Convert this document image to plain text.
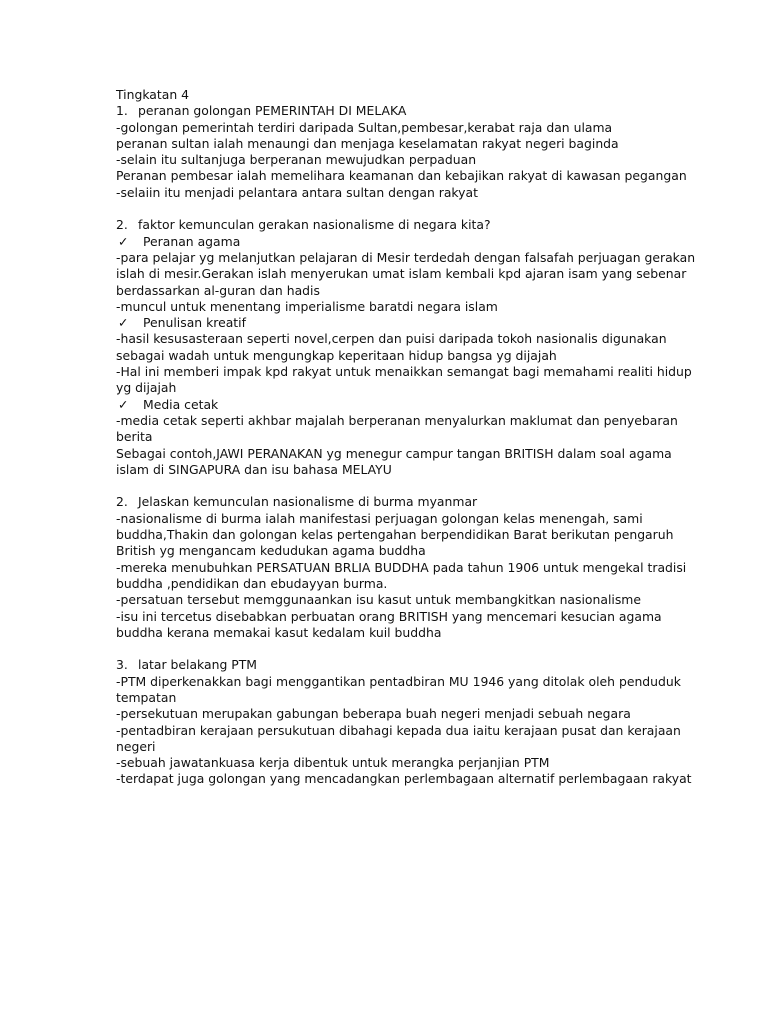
Tingkatan 4
1. peranan golongan PEMERINTAH DI MELAKA
-golongan pemerintah terdiri daripada Sultan,pembesar,kerabat raja dan ulama
peranan sultan ialah menaungi dan menjaga keselamatan rakyat negeri baginda
-selain itu sultanjuga berperanan mewujudkan perpaduan
Peranan pembesar ialah memelihara keamanan dan kebajikan rakyat di kawasan pegangan
-selaiin itu menjadi pelantara antara sultan dengan rakyat
2. faktor kemunculan gerakan nasionalisme di negara kita?
✓ Peranan agama
-para pelajar yg melanjutkan pelajaran di Mesir terdedah dengan falsafah perjuagan gerakan
islah di mesir.Gerakan islah menyerukan umat islam kembali kpd ajaran isam yang sebenar
berdassarkan al-guran dan hadis
-muncul untuk menentang imperialisme baratdi negara islam
✓ Penulisan kreatif
-hasil kesusasteraan seperti novel,cerpen dan puisi daripada tokoh nasionalis digunakan
sebagai wadah untuk mengungkap keperitaan hidup bangsa yg dijajah
-Hal ini memberi impak kpd rakyat untuk menaikkan semangat bagi memahami realiti hidup
yg dijajah
✓ Media cetak
-media cetak seperti akhbar majalah berperanan menyalurkan maklumat dan penyebaran
berita
Sebagai contoh,JAWI PERANAKAN yg menegur campur tangan BRITISH dalam soal agama
islam di SINGAPURA dan isu bahasa MELAYU
2. Jelaskan kemunculan nasionalisme di burma myanmar
-nasionalisme di burma ialah manifestasi perjuagan golongan kelas menengah, sami
buddha,Thakin dan golongan kelas pertengahan berpendidikan Barat berikutan pengaruh
British yg mengancam kedudukan agama buddha
-mereka menubuhkan PERSATUAN BRLIA BUDDHA pada tahun 1906 untuk mengekal tradisi
buddha ,pendidikan dan ebudayyan burma.
-persatuan tersebut memggunaankan isu kasut untuk membangkitkan nasionalisme
-isu ini tercetus disebabkan perbuatan orang BRITISH yang mencemari kesucian agama
buddha kerana memakai kasut kedalam kuil buddha
3. latar belakang PTM
-PTM diperkenakkan bagi menggantikan pentadbiran MU 1946 yang ditolak oleh penduduk
tempatan
-persekutuan merupakan gabungan beberapa buah negeri menjadi sebuah negara
-pentadbiran kerajaan persukutuan dibahagi kepada dua iaitu kerajaan pusat dan kerajaan
negeri
-sebuah jawatankuasa kerja dibentuk untuk merangka perjanjian PTM
-terdapat juga golongan yang mencadangkan perlembagaan alternatif perlembagaan rakyat
